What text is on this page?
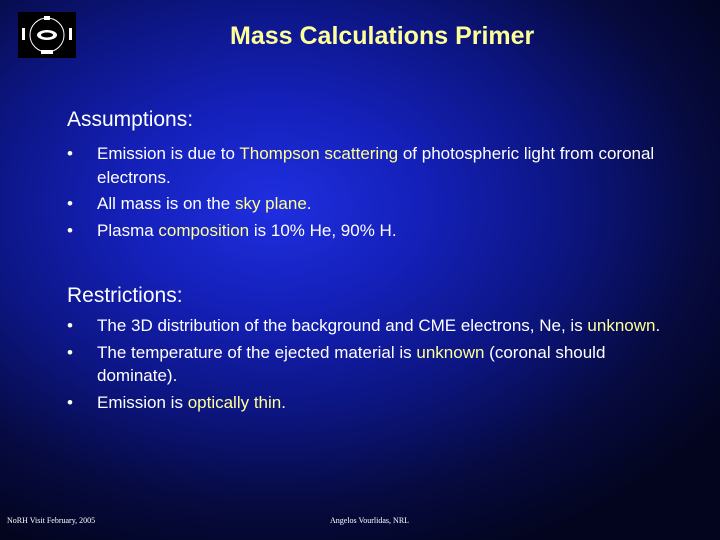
Mass Calculations Primer
Assumptions:
• Emission is due to Thompson scattering of photospheric light from coronal electrons.
• All mass is on the sky plane.
• Plasma composition is 10% He, 90% H.
Restrictions:
• The 3D distribution of the background and CME electrons, Ne, is unknown.
• The temperature of the ejected material is unknown (coronal should dominate).
• Emission is optically thin.
NoRH Visit February, 2005	Angelos Vourlidas, NRL
